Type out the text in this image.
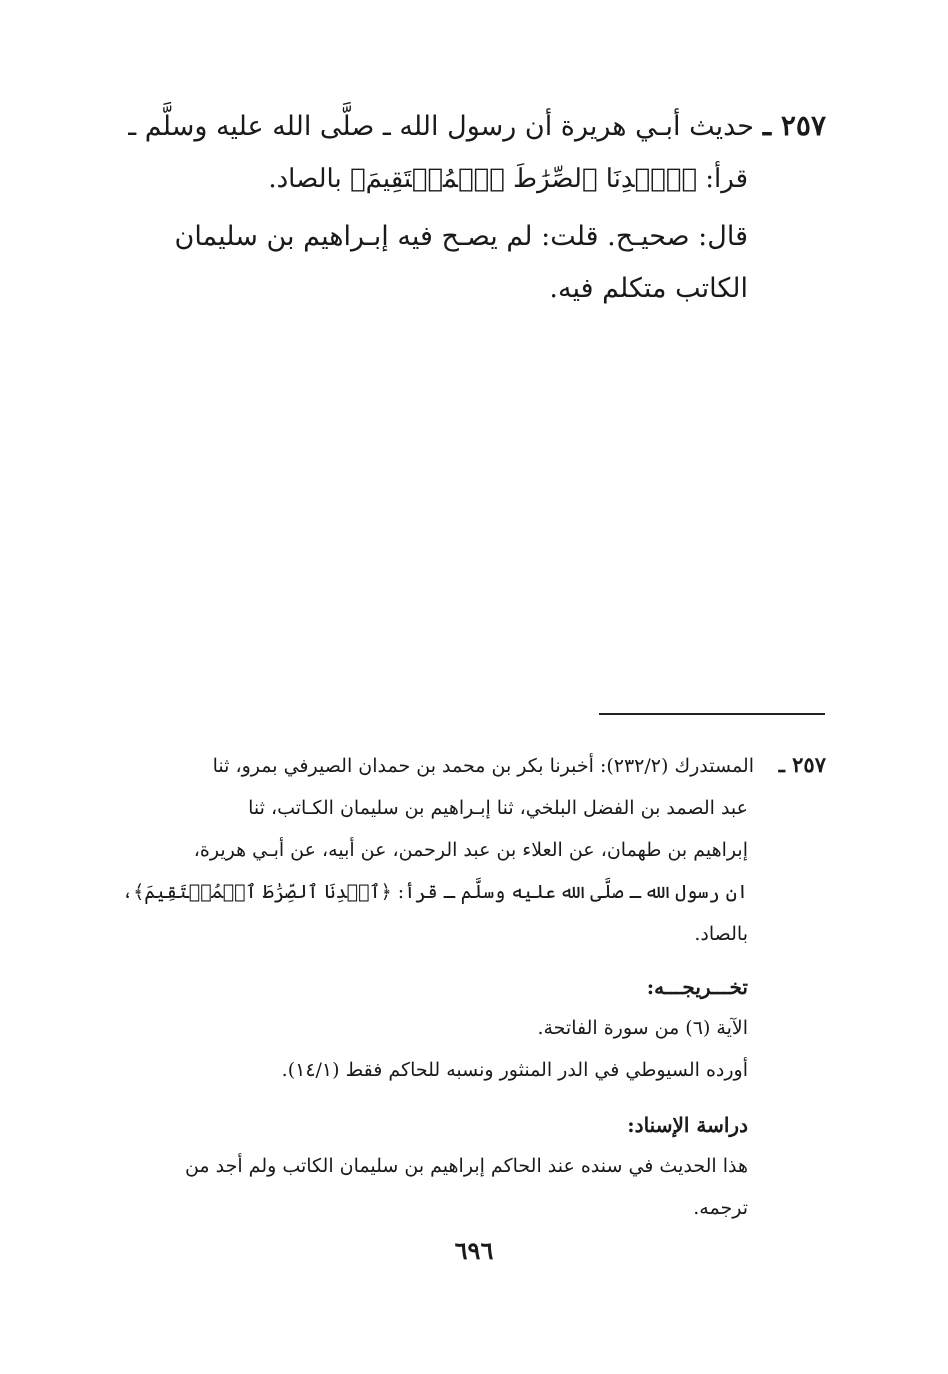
٢٥٧ ـ
حديث أبـي هريرة أن رسول الله ـ صلَّى الله عليه وسلَّم ـ
قرأ: ﴿ٱهۡدِنَا ٱلصِّرَٰطَ ٱلۡمُسۡتَقِيمَ﴾ بالصاد.
قال: صحيـح. قلت: لم يصـح فيه إبـراهيم بن سليمان
الكاتب متكلم فيه.
٢٥٧ ـ
المستدرك (٢٣٢/٢): أخبرنا بكر بن محمد بن حمدان الصيرفي بمرو، ثنا
عبد الصمد بن الفضل البلخي، ثنا إبـراهيم بن سليمان الكـاتب، ثنا
إبراهيم بن طهمان، عن العلاء بن عبد الرحمن، عن أبيه، عن أبـي هريرة،
ان رسول الله ـ صلَّى الله عليه وسلَّم ـ قرأ: ﴿ٱهۡدِنَا ٱلصِّرَٰطَ ٱلۡمُسۡتَقِيمَ﴾،
بالصاد.
تخـــريجـــه:
الآية (٦) من سورة الفاتحة.
أورده السيوطي في الدر المنثور ونسبه للحاكم فقط (١٤/١).
دراسة الإسناد:
هذا الحديث في سنده عند الحاكم إبراهيم بن سليمان الكاتب ولم أجد من
ترجمه.
٦٩٦
